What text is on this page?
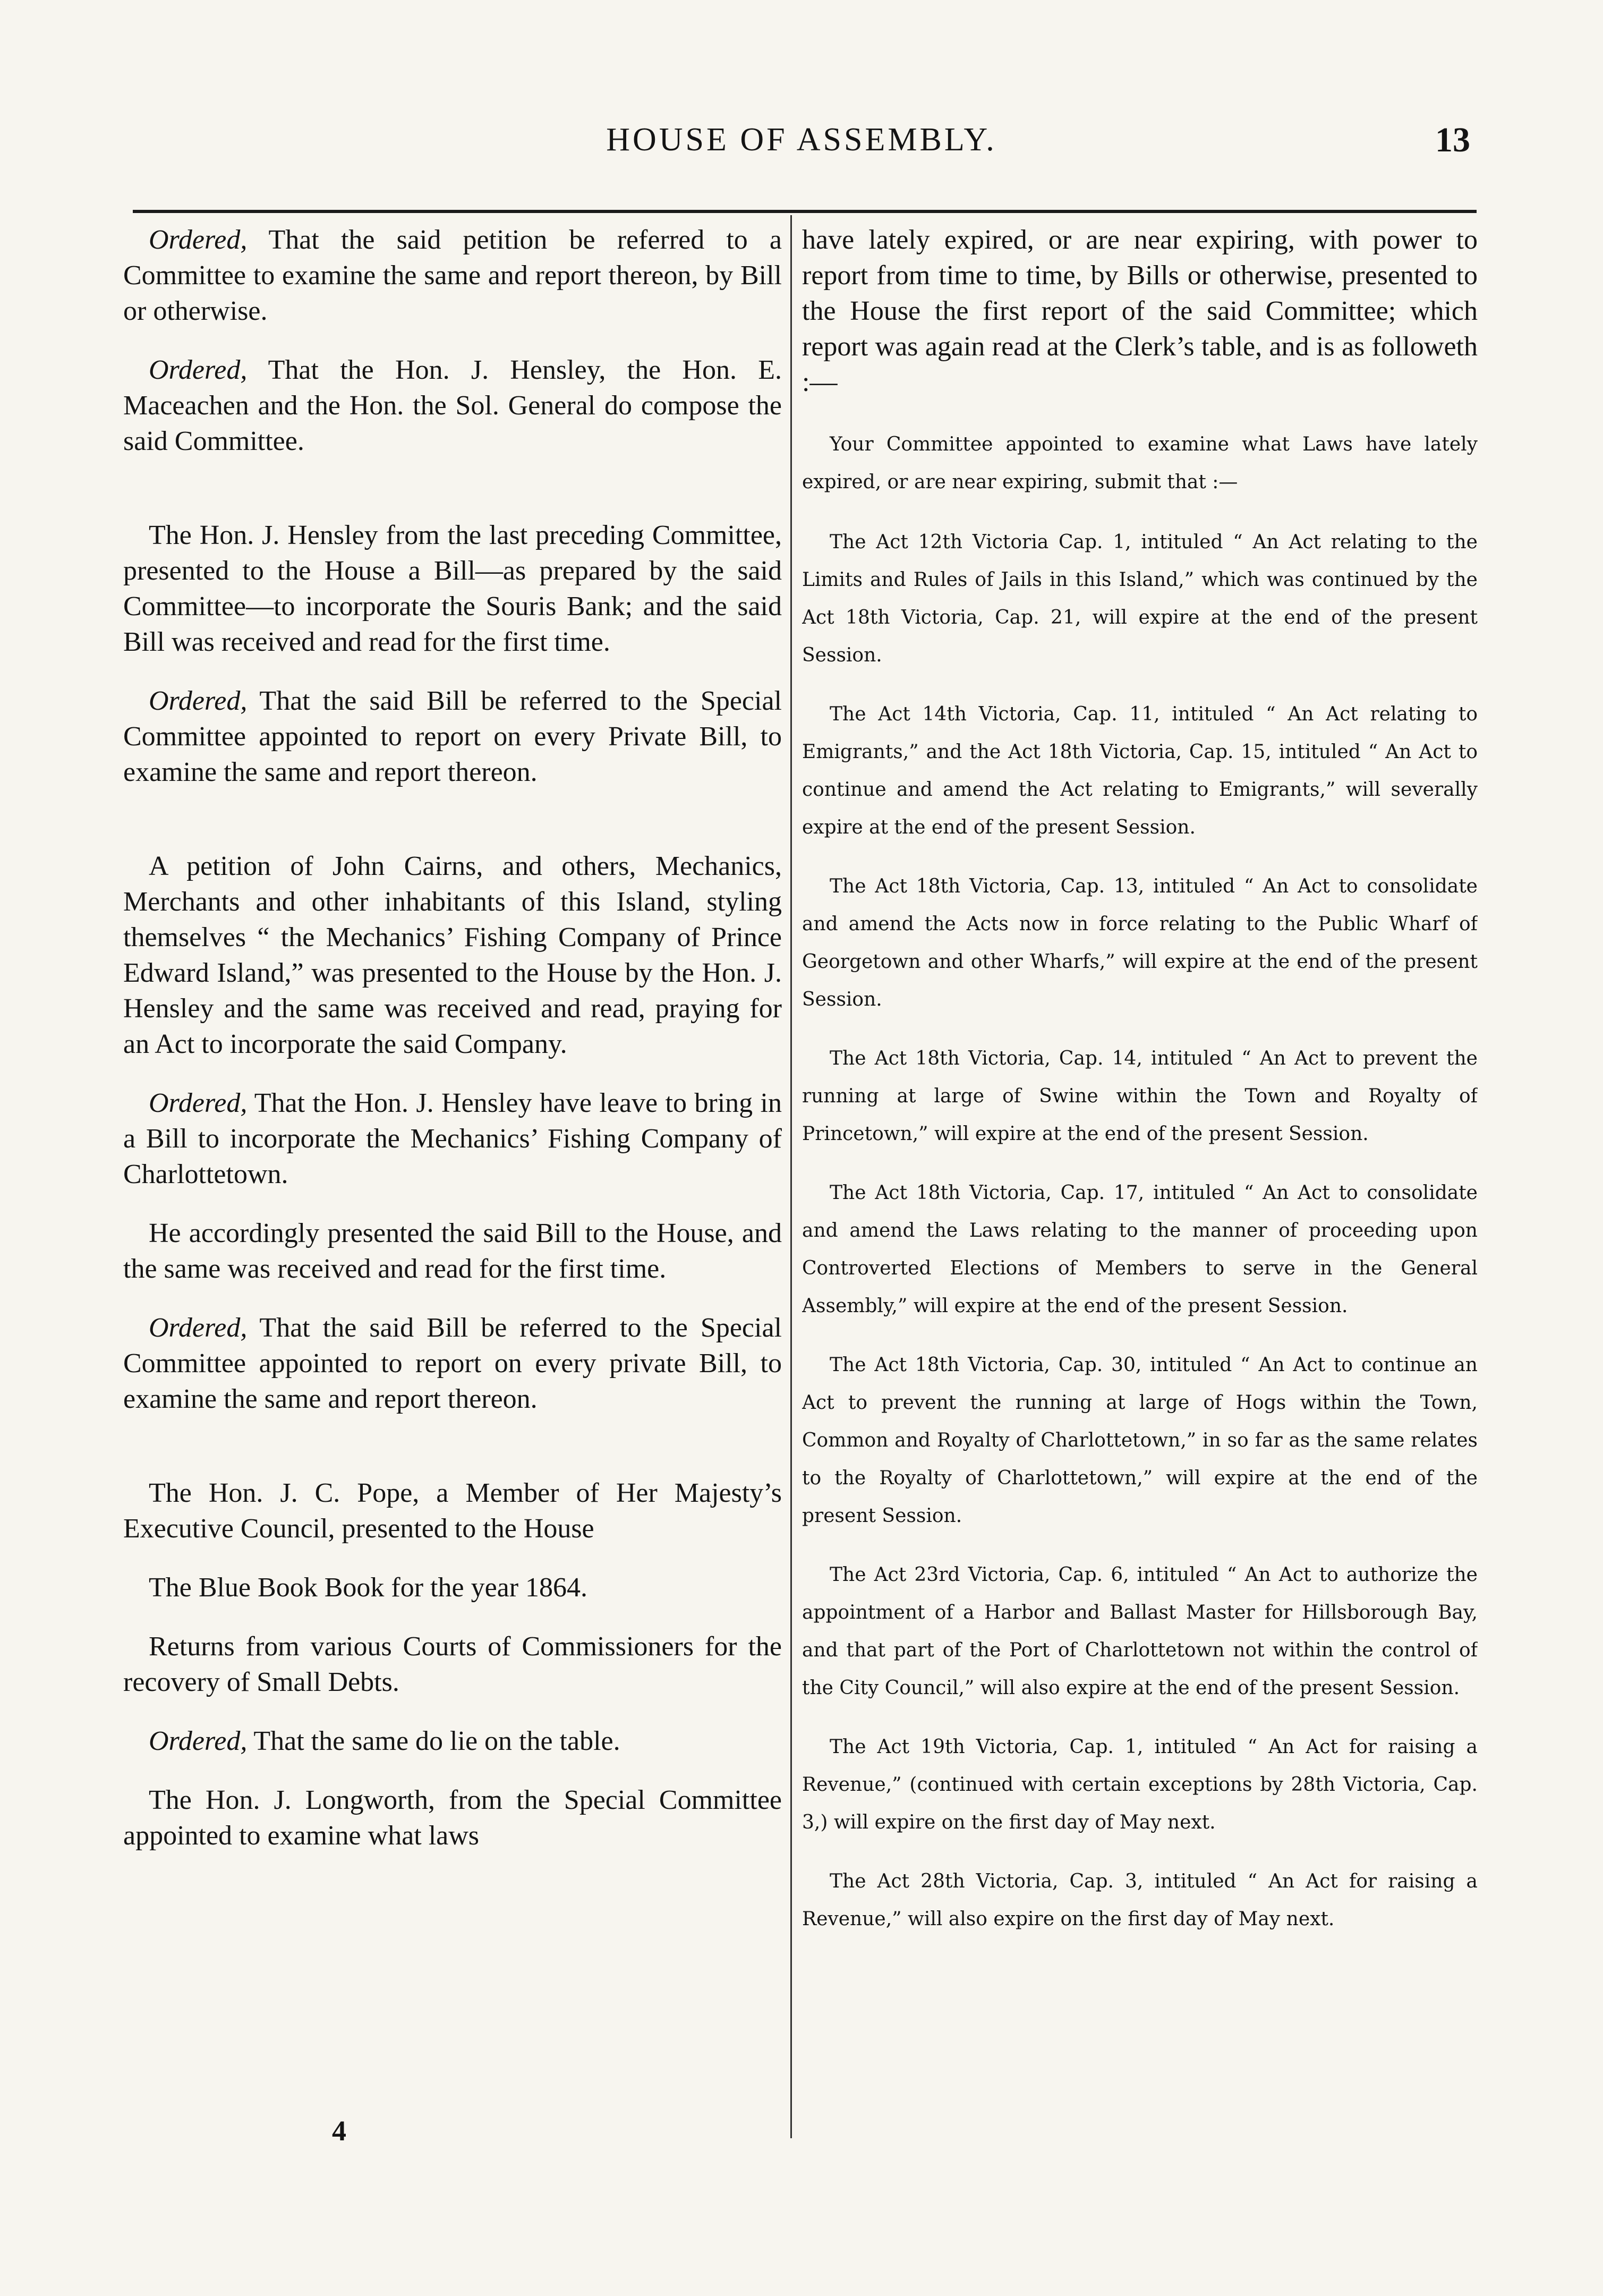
HOUSE OF ASSEMBLY.	13

Ordered, That the said petition be referred to a Committee to examine the same and report thereon, by Bill or otherwise.

Ordered, That the Hon. J. Hensley, the Hon. E. Maceachen and the Hon. the Sol. General do compose the said Committee.

The Hon. J. Hensley from the last preceding Committee, presented to the House a Bill—as prepared by the said Committee—to incorporate the Souris Bank; and the said Bill was received and read for the first time.

Ordered, That the said Bill be referred to the Special Committee appointed to report on every Private Bill, to examine the same and report thereon.

A petition of John Cairns, and others, Mechanics, Merchants and other inhabitants of this Island, styling themselves “ the Mechanics’ Fishing Company of Prince Edward Island,” was presented to the House by the Hon. J. Hensley and the same was received and read, praying for an Act to incorporate the said Company.

Ordered, That the Hon. J. Hensley have leave to bring in a Bill to incorporate the Mechanics’ Fishing Company of Charlottetown.

He accordingly presented the said Bill to the House, and the same was received and read for the first time.

Ordered, That the said Bill be referred to the Special Committee appointed to report on every private Bill, to examine the same and report thereon.

The Hon. J. C. Pope, a Member of Her Majesty’s Executive Council, presented to the House

The Blue Book Book for the year 1864.

Returns from various Courts of Commissioners for the recovery of Small Debts.

Ordered, That the same do lie on the table.

The Hon. J. Longworth, from the Special Committee appointed to examine what laws

have lately expired, or are near expiring, with power to report from time to time, by Bills or otherwise, presented to the House the first report of the said Committee; which report was again read at the Clerk’s table, and is as followeth :—

Your Committee appointed to examine what Laws have lately expired, or are near expiring, submit that :—

The Act 12th Victoria Cap. 1, intituled “ An Act relating to the Limits and Rules of Jails in this Island,” which was continued by the Act 18th Victoria, Cap. 21, will expire at the end of the present Session.

The Act 14th Victoria, Cap. 11, intituled “ An Act relating to Emigrants,” and the Act 18th Victoria, Cap. 15, intituled “ An Act to continue and amend the Act relating to Emigrants,” will severally expire at the end of the present Session.

The Act 18th Victoria, Cap. 13, intituled “ An Act to consolidate and amend the Acts now in force relating to the Public Wharf of Georgetown and other Wharfs,” will expire at the end of the present Session.

The Act 18th Victoria, Cap. 14, intituled “ An Act to prevent the running at large of Swine within the Town and Royalty of Princetown,” will expire at the end of the present Session.

The Act 18th Victoria, Cap. 17, intituled “ An Act to consolidate and amend the Laws relating to the manner of proceeding upon Controverted Elections of Members to serve in the General Assembly,” will expire at the end of the present Session.

The Act 18th Victoria, Cap. 30, intituled “ An Act to continue an Act to prevent the running at large of Hogs within the Town, Common and Royalty of Charlottetown,” in so far as the same relates to the Royalty of Charlottetown,” will expire at the end of the present Session.

The Act 23rd Victoria, Cap. 6, intituled “ An Act to authorize the appointment of a Harbor and Ballast Master for Hillsborough Bay, and that part of the Port of Charlottetown not within the control of the City Council,” will also expire at the end of the present Session.

The Act 19th Victoria, Cap. 1, intituled “ An Act for raising a Revenue,” (continued with certain exceptions by 28th Victoria, Cap. 3,) will expire on the first day of May next.

The Act 28th Victoria, Cap. 3, intituled “ An Act for raising a Revenue,” will also expire on the first day of May next.

4
